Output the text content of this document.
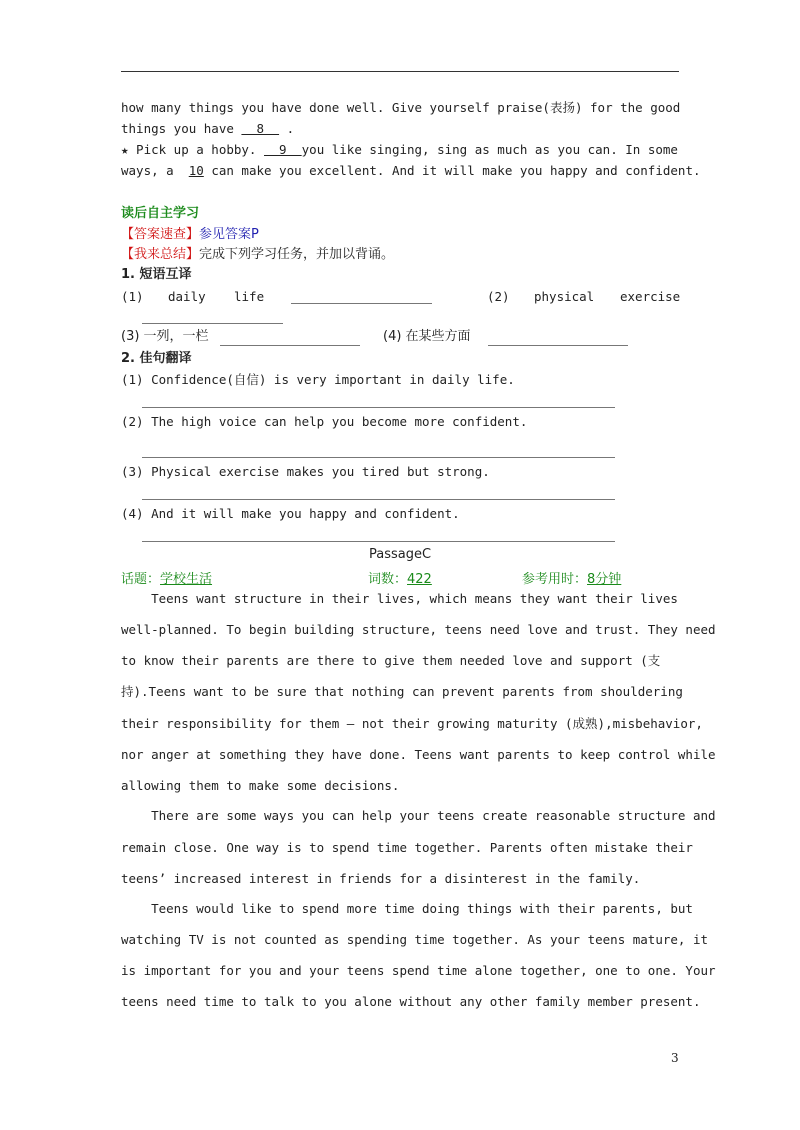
how many things you have done well. Give yourself praise(表扬) for the good
things you have   8   .
★ Pick up a hobby.   9  you like singing, sing as much as you can. In some
ways, a  10 can make you excellent. And it will make you happy and confident.
读后自主学习
【答案速查】参见答案P
【我来总结】完成下列学习任务，并加以背诵。
1. 短语互译
(1) daily life	(2) physical exercise
(3) 一列，一栏	(4) 在某些方面
2. 佳句翻译
(1) Confidence(自信) is very important in daily life.
(2) The high voice can help you become more confident.
(3) Physical exercise makes you tired but strong.
(4) And it will make you happy and confident.
PassageC
话题：学校生活	词数：422	参考用时：8分钟
Teens want structure in their lives, which means they want their lives
well-planned. To begin building structure, teens need love and trust. They need
to know their parents are there to give them needed love and support (支
持).Teens want to be sure that nothing can prevent parents from shouldering
their responsibility for them — not their growing maturity (成熟),misbehavior,
nor anger at something they have done. Teens want parents to keep control while
allowing them to make some decisions.
There are some ways you can help your teens create reasonable structure and
remain close. One way is to spend time together. Parents often mistake their
teens’ increased interest in friends for a disinterest in the family.
Teens would like to spend more time doing things with their parents, but
watching TV is not counted as spending time together. As your teens mature, it
is important for you and your teens spend time alone together, one to one. Your
teens need time to talk to you alone without any other family member present.
3
